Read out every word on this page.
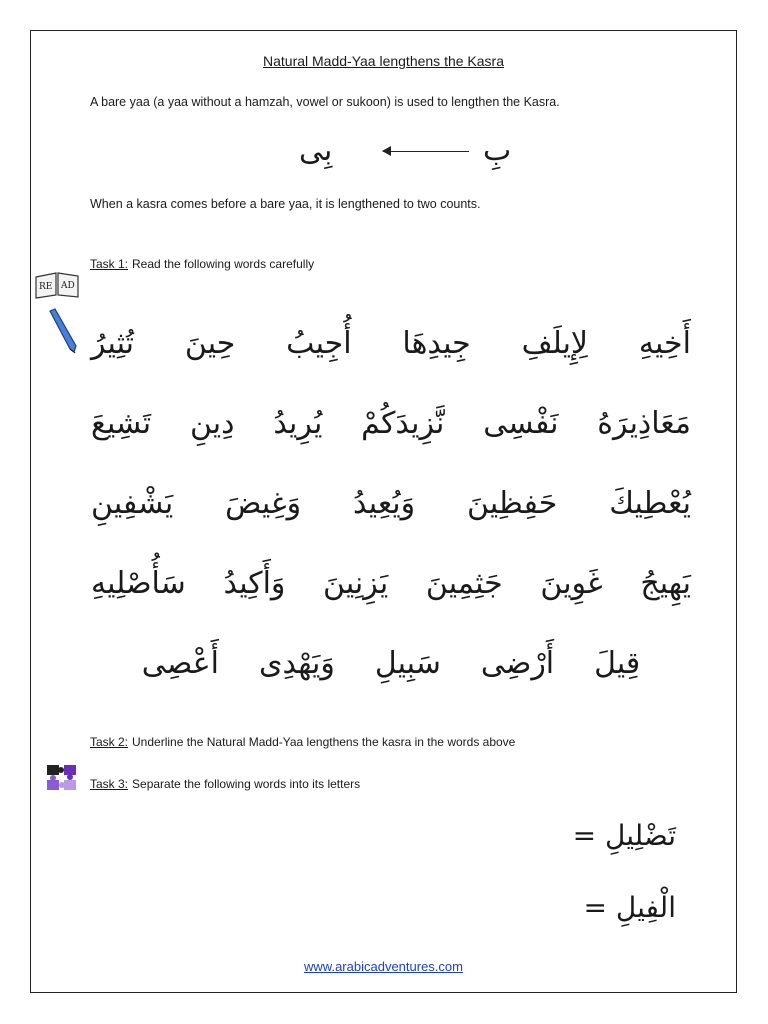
Natural Madd-Yaa lengthens the Kasra
A bare yaa (a yaa without a hamzah, vowel or sukoon) is used to lengthen the Kasra.
بِى	بِ
When a kasra comes before a bare yaa, it is lengthened to two counts.
RE AD
Task 1: Read the following words carefully
أَخِيهِ
لِإِيلَفِ
جِيدِهَا
أُجِيبُ
حِينَ
تُثِيرُ
مَعَاذِيرَهُ
نَفْسِى
نَّزِيدَكُمْ
يُرِيدُ
دِينِ
تَشِيعَ
يُعْطِيكَ
حَفِظِينَ
وَيُعِيدُ
وَغِيضَ
يَشْفِينِ
يَهِيجُ
غَوِينَ
جَثِمِينَ
يَزِنِينَ
وَأَكِيدُ
سَأُصْلِيهِ
قِيلَ
أَرْضِى
سَبِيلِ
وَيَهْدِى
أَعْصِى
Task 2: Underline the Natural Madd-Yaa lengthens the kasra in the words above
Task 3: Separate the following words into its letters
تَضْلِيلِ =
الْفِيلِ =
www.arabicadventures.com
